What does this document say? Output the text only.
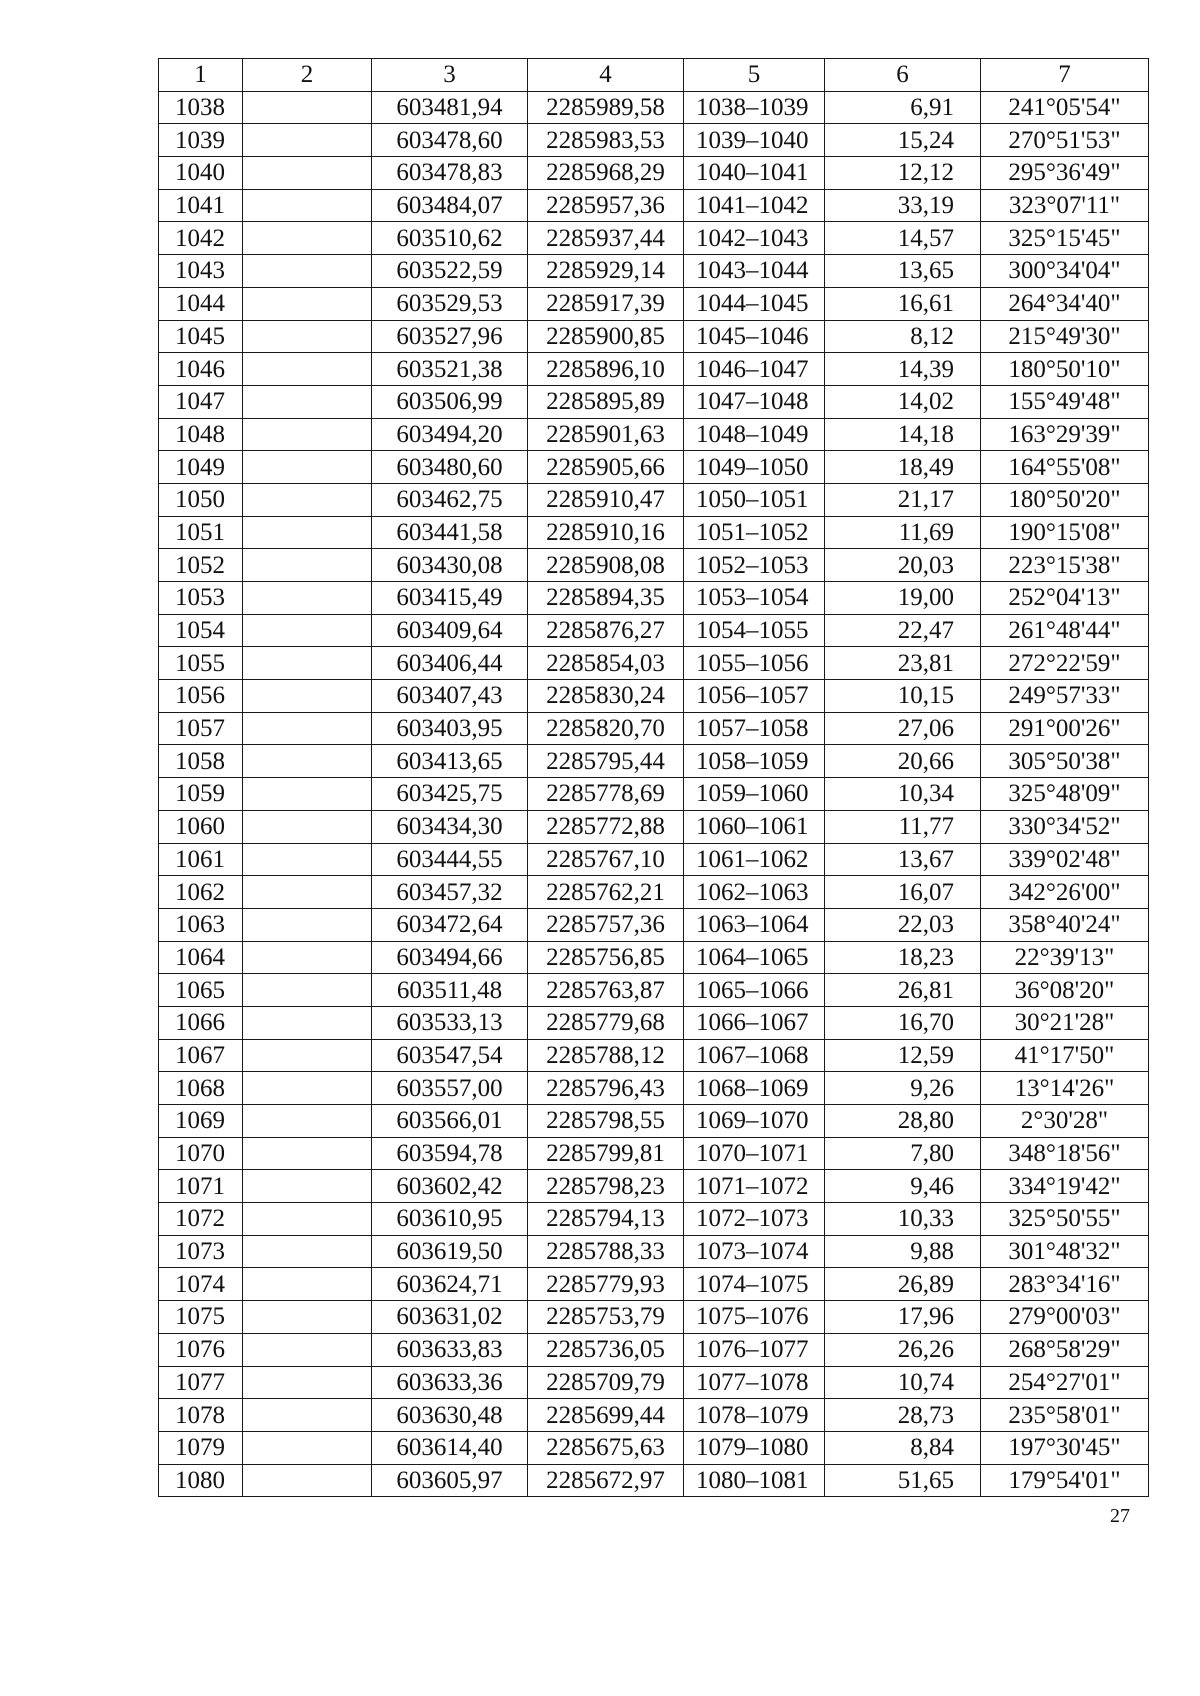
1	2	3	4	5	6	7
1038		603481,94	2285989,58	1038–1039	6,91	241°05'54"
1039		603478,60	2285983,53	1039–1040	15,24	270°51'53"
1040		603478,83	2285968,29	1040–1041	12,12	295°36'49"
1041		603484,07	2285957,36	1041–1042	33,19	323°07'11"
1042		603510,62	2285937,44	1042–1043	14,57	325°15'45"
1043		603522,59	2285929,14	1043–1044	13,65	300°34'04"
1044		603529,53	2285917,39	1044–1045	16,61	264°34'40"
1045		603527,96	2285900,85	1045–1046	8,12	215°49'30"
1046		603521,38	2285896,10	1046–1047	14,39	180°50'10"
1047		603506,99	2285895,89	1047–1048	14,02	155°49'48"
1048		603494,20	2285901,63	1048–1049	14,18	163°29'39"
1049		603480,60	2285905,66	1049–1050	18,49	164°55'08"
1050		603462,75	2285910,47	1050–1051	21,17	180°50'20"
1051		603441,58	2285910,16	1051–1052	11,69	190°15'08"
1052		603430,08	2285908,08	1052–1053	20,03	223°15'38"
1053		603415,49	2285894,35	1053–1054	19,00	252°04'13"
1054		603409,64	2285876,27	1054–1055	22,47	261°48'44"
1055		603406,44	2285854,03	1055–1056	23,81	272°22'59"
1056		603407,43	2285830,24	1056–1057	10,15	249°57'33"
1057		603403,95	2285820,70	1057–1058	27,06	291°00'26"
1058		603413,65	2285795,44	1058–1059	20,66	305°50'38"
1059		603425,75	2285778,69	1059–1060	10,34	325°48'09"
1060		603434,30	2285772,88	1060–1061	11,77	330°34'52"
1061		603444,55	2285767,10	1061–1062	13,67	339°02'48"
1062		603457,32	2285762,21	1062–1063	16,07	342°26'00"
1063		603472,64	2285757,36	1063–1064	22,03	358°40'24"
1064		603494,66	2285756,85	1064–1065	18,23	22°39'13"
1065		603511,48	2285763,87	1065–1066	26,81	36°08'20"
1066		603533,13	2285779,68	1066–1067	16,70	30°21'28"
1067		603547,54	2285788,12	1067–1068	12,59	41°17'50"
1068		603557,00	2285796,43	1068–1069	9,26	13°14'26"
1069		603566,01	2285798,55	1069–1070	28,80	2°30'28"
1070		603594,78	2285799,81	1070–1071	7,80	348°18'56"
1071		603602,42	2285798,23	1071–1072	9,46	334°19'42"
1072		603610,95	2285794,13	1072–1073	10,33	325°50'55"
1073		603619,50	2285788,33	1073–1074	9,88	301°48'32"
1074		603624,71	2285779,93	1074–1075	26,89	283°34'16"
1075		603631,02	2285753,79	1075–1076	17,96	279°00'03"
1076		603633,83	2285736,05	1076–1077	26,26	268°58'29"
1077		603633,36	2285709,79	1077–1078	10,74	254°27'01"
1078		603630,48	2285699,44	1078–1079	28,73	235°58'01"
1079		603614,40	2285675,63	1079–1080	8,84	197°30'45"
1080		603605,97	2285672,97	1080–1081	51,65	179°54'01"
27
